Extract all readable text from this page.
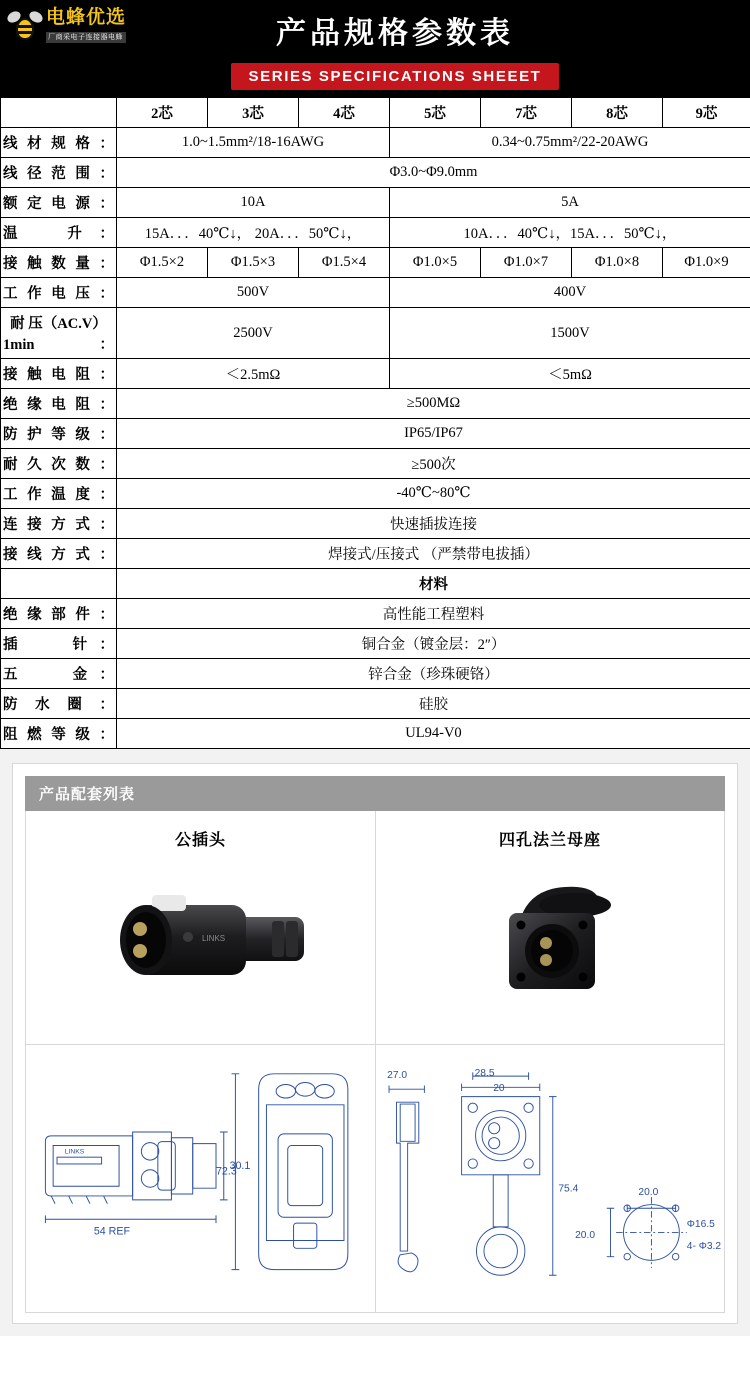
电蜂优选
厂商采电子连接器电蜂	产品规格参数表
SERIES SPECIFICATIONS SHEEET
	2芯	3芯	4芯	5芯	7芯	8芯	9芯
线材规格：	1.0~1.5mm²/18-16AWG			0.34~0.75mm²/22-20AWG			
线径范围：	Φ3.0~Φ9.0mm						
额定电源：	10A			5A			
温　升：	15A．．．40℃↓， 20A．．．50℃↓，			10A．．．40℃↓，15A．．．50℃↓，			
接触数量：	Φ1.5×2	Φ1.5×3	Φ1.5×4	Φ1.0×5	Φ1.0×7	Φ1.0×8	Φ1.0×9
工作电压：	500V			400V			
耐 压（AC.V） 1min：	2500V			1500V			
接触电阻：	＜2.5mΩ			＜5mΩ			
绝缘电阻：	≥500MΩ						
防护等级：	IP65/IP67						
耐久次数：	≥500次						
工作温度：	-40℃~80℃						
连接方式：	快速插拔连接						
接线方式：	焊接式/压接式 （严禁带电拔插）						
	材料						
绝缘部件：	高性能工程塑料						
插　 针：	铜合金（镀金层：2″）						
五　 金：	锌合金（珍珠硬铬）						
防水圈：	硅胶						
阻燃等级：	UL94-V0						
产品配套列表
公插头
LINKS
四孔法兰母座
30.1
54 REF
LINKS
72.3
27.0	28.5
20
75.4	20.0
20.0
Φ16.5
4- Φ3.2
